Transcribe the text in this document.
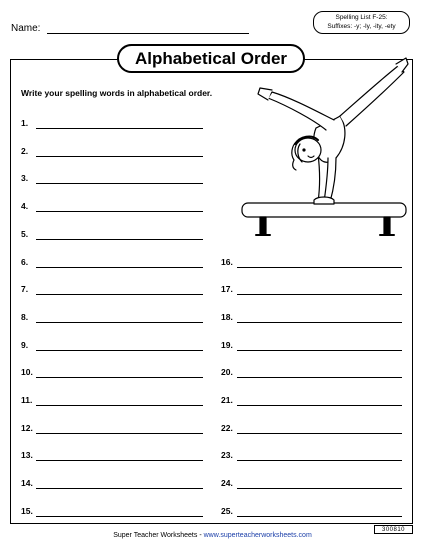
Name:
Spelling List F-25:
Suffixes: -y; -ly, -ity, -ety
Alphabetical Order
Write your spelling words in alphabetical order.
1.
2.
3.
4.
5.
6.
7.
8.
9.
10.
11.
12.
13.
14.
15.
16.
17.
18.
19.
20.
21.
22.
23.
24.
25.
Super Teacher Worksheets - www.superteacherworksheets.com
300810
